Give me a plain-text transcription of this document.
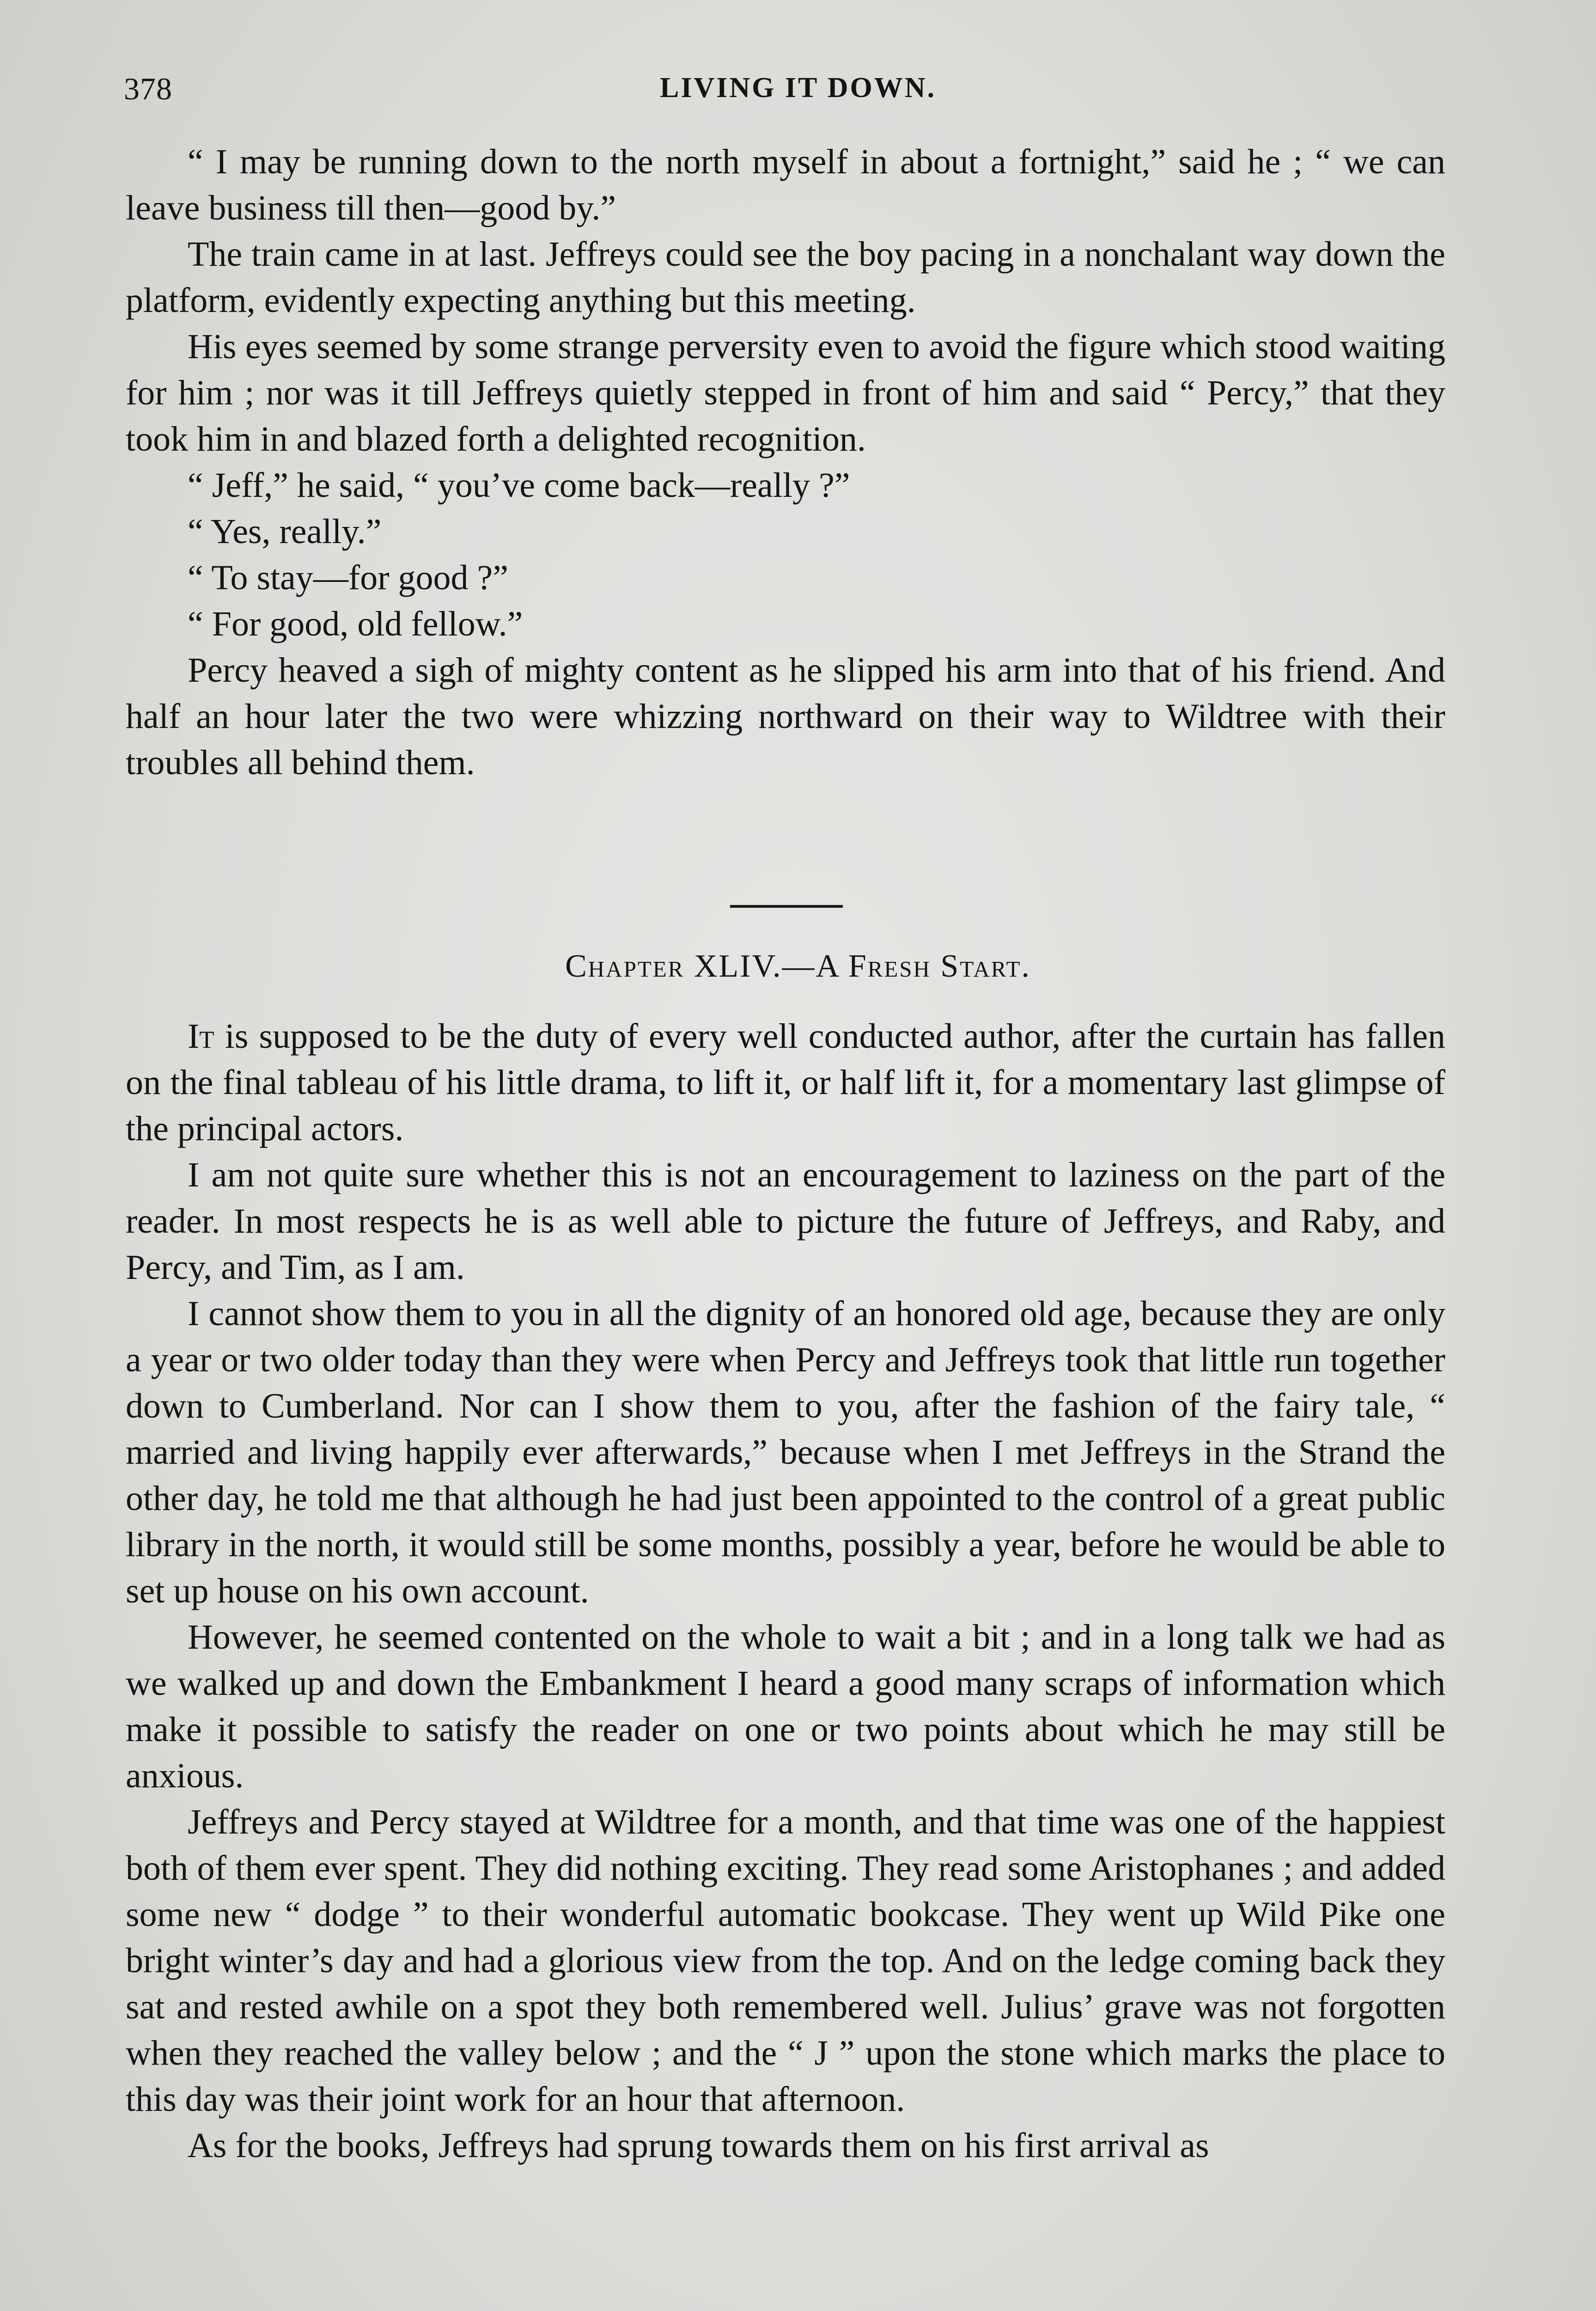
378	LIVING IT DOWN.

“ I may be running down to the north myself in about a fortnight,” said he ; “ we can leave business till then—good by.”

The train came in at last. Jeffreys could see the boy pacing in a nonchalant way down the platform, evidently expecting anything but this meeting.

His eyes seemed by some strange perversity even to avoid the figure which stood waiting for him ; nor was it till Jeffreys quietly stepped in front of him and said “ Percy,” that they took him in and blazed forth a delighted recognition.

“ Jeff,” he said, “ you’ve come back—really ?”

“ Yes, really.”

“ To stay—for good ?”

“ For good, old fellow.”

Percy heaved a sigh of mighty content as he slipped his arm into that of his friend. And half an hour later the two were whizzing northward on their way to Wildtree with their troubles all behind them.

Chapter XLIV.—A Fresh Start.

It is supposed to be the duty of every well conducted author, after the curtain has fallen on the final tableau of his little drama, to lift it, or half lift it, for a momentary last glimpse of the principal actors.

I am not quite sure whether this is not an encouragement to laziness on the part of the reader. In most respects he is as well able to picture the future of Jeffreys, and Raby, and Percy, and Tim, as I am.

I cannot show them to you in all the dignity of an honored old age, because they are only a year or two older today than they were when Percy and Jeffreys took that little run together down to Cumberland. Nor can I show them to you, after the fashion of the fairy tale, “ married and living happily ever afterwards,” because when I met Jeffreys in the Strand the other day, he told me that although he had just been appointed to the control of a great public library in the north, it would still be some months, possibly a year, before he would be able to set up house on his own account.

However, he seemed contented on the whole to wait a bit ; and in a long talk we had as we walked up and down the Embankment I heard a good many scraps of information which make it possible to satisfy the reader on one or two points about which he may still be anxious.

Jeffreys and Percy stayed at Wildtree for a month, and that time was one of the happiest both of them ever spent. They did nothing exciting. They read some Aristophanes ; and added some new “ dodge ” to their wonderful automatic bookcase. They went up Wild Pike one bright winter’s day and had a glorious view from the top. And on the ledge coming back they sat and rested awhile on a spot they both remembered well. Julius’ grave was not forgotten when they reached the valley below ; and the “ J ” upon the stone which marks the place to this day was their joint work for an hour that afternoon.

As for the books, Jeffreys had sprung towards them on his first arrival as
